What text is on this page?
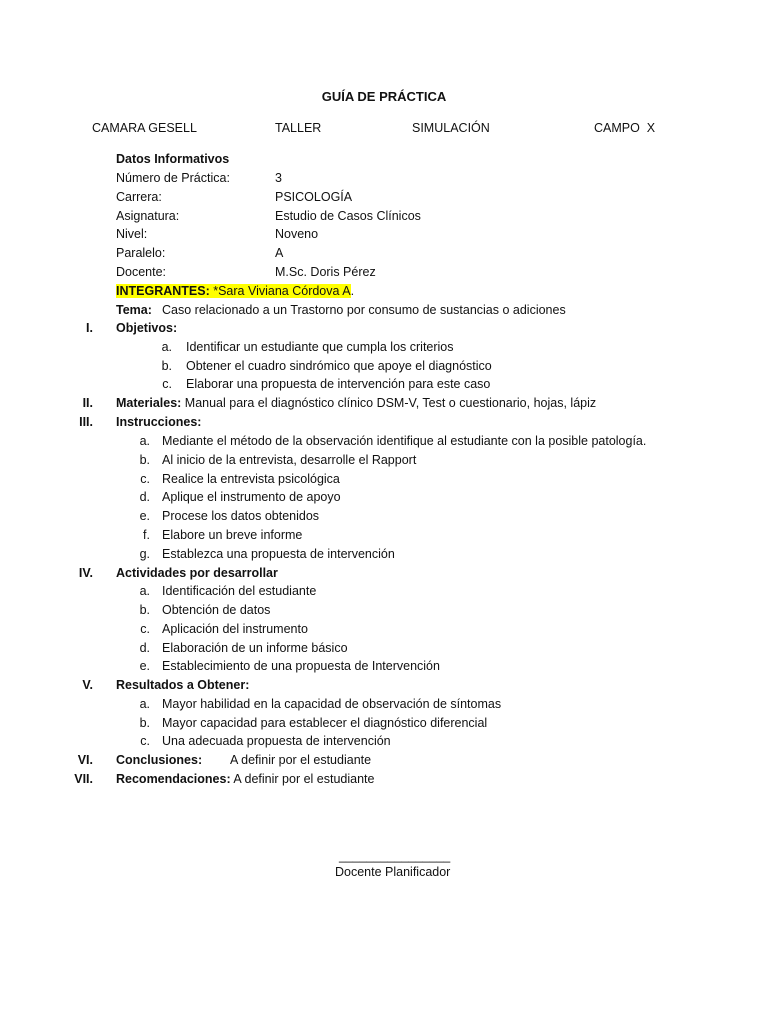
GUÍA DE PRÁCTICA
CAMARA GESELL	TALLER	SIMULACIÓN	CAMPO  X
Datos Informativos
Número de Práctica:	3
Carrera:	PSICOLOGÍA
Asignatura:	Estudio de Casos Clínicos
Nivel:	Noveno
Paralelo:	A
Docente:	M.Sc. Doris Pérez
INTEGRANTES: *Sara Viviana Córdova A.
Tema: Caso relacionado a un Trastorno por consumo de sustancias o adiciones
I. Objetivos:
a. Identificar un estudiante que cumpla los criterios
b. Obtener el cuadro sindrómico que apoye el diagnóstico
c. Elaborar una propuesta de intervención para este caso
II. Materiales: Manual para el diagnóstico clínico DSM-V, Test o cuestionario, hojas, lápiz
III. Instrucciones:
a. Mediante el método de la observación identifique al estudiante con la posible patología.
b. Al inicio de la entrevista, desarrolle el Rapport
c. Realice la entrevista psicológica
d. Aplique el instrumento de apoyo
e. Procese los datos obtenidos
f. Elabore un breve informe
g. Establezca una propuesta de intervención
IV. Actividades por desarrollar
a. Identificación del estudiante
b. Obtención de datos
c. Aplicación del instrumento
d. Elaboración de un informe básico
e. Establecimiento de una propuesta de Intervención
V. Resultados a Obtener:
a. Mayor habilidad en la capacidad de observación de síntomas
b. Mayor capacidad para establecer el diagnóstico diferencial
c. Una adecuada propuesta de intervención
VI. Conclusiones: A definir por el estudiante
VII. Recomendaciones: A definir por el estudiante
________________
Docente Planificador
